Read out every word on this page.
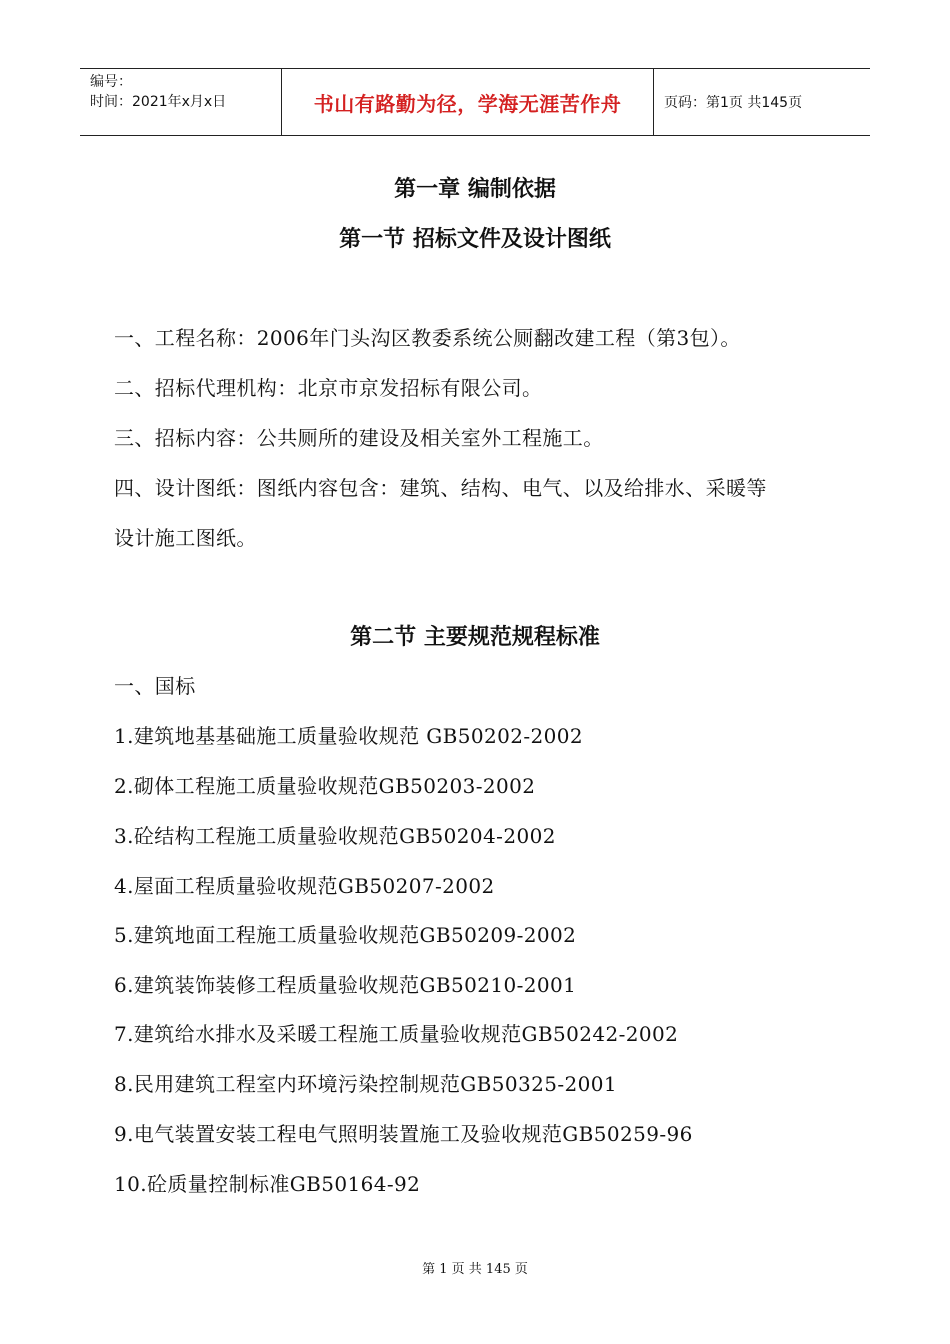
编号：
时间：2021年x月x日	书山有路勤为径，学海无涯苦作舟	页码：第1页 共145页
第一章 编制依据
第一节 招标文件及设计图纸
一、工程名称：2006年门头沟区教委系统公厕翻改建工程（第3包）。
二、招标代理机构：北京市京发招标有限公司。
三、招标内容：公共厕所的建设及相关室外工程施工。
四、设计图纸：图纸内容包含：建筑、结构、电气、以及给排水、采暖等
设计施工图纸。
第二节 主要规范规程标准
一、国标
1.建筑地基基础施工质量验收规范 GB50202-2002
2.砌体工程施工质量验收规范GB50203-2002
3.砼结构工程施工质量验收规范GB50204-2002
4.屋面工程质量验收规范GB50207-2002
5.建筑地面工程施工质量验收规范GB50209-2002
6.建筑装饰装修工程质量验收规范GB50210-2001
7.建筑给水排水及采暖工程施工质量验收规范GB50242-2002
8.民用建筑工程室内环境污染控制规范GB50325-2001
9.电气装置安装工程电气照明装置施工及验收规范GB50259-96
10.砼质量控制标准GB50164-92
第 1 页 共 145 页
